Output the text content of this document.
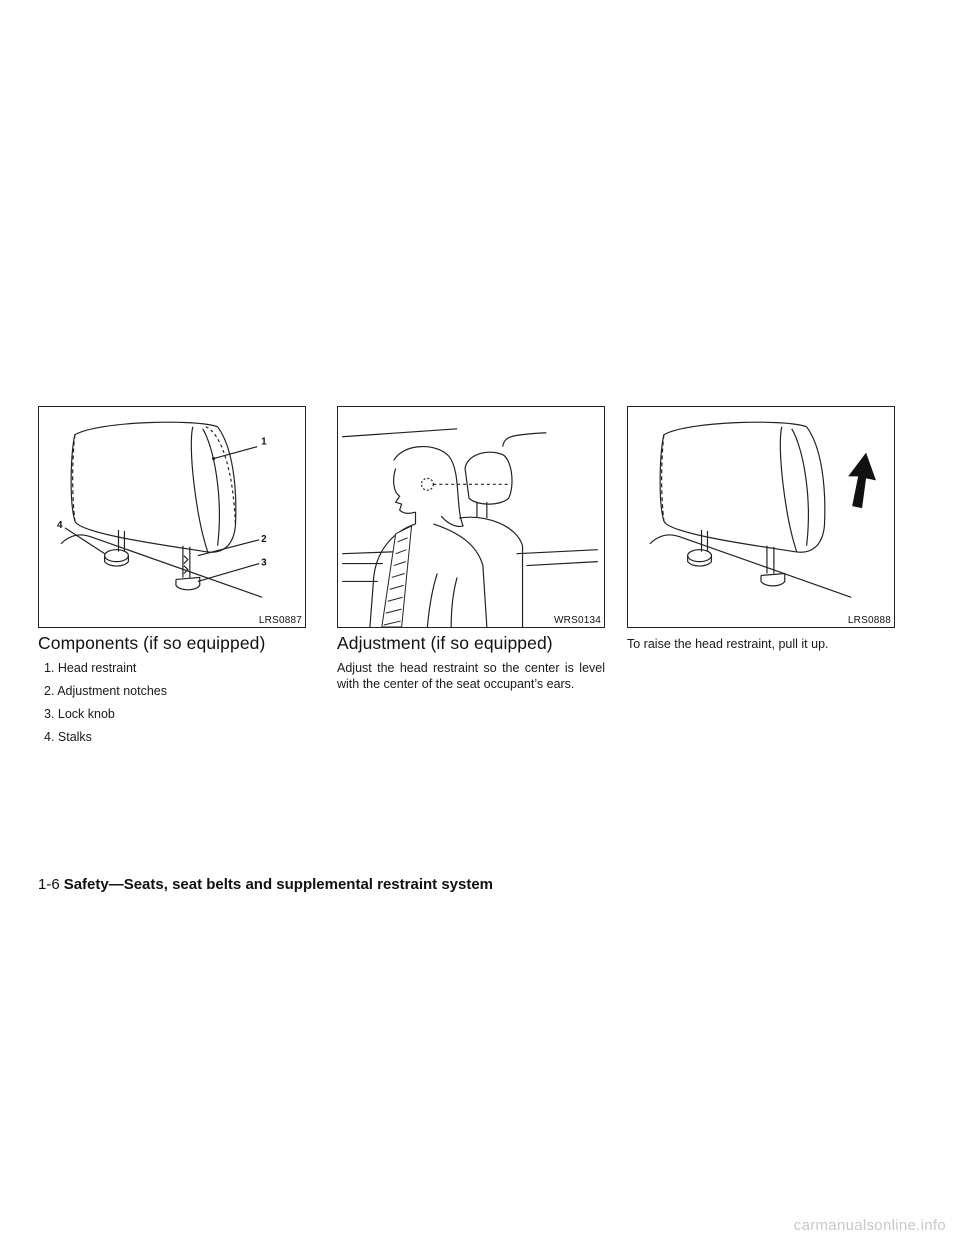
1
4
2
3
LRS0887	WRS0134	LRS0888
Components (if so equipped)
1. Head restraint
2. Adjustment notches
3. Lock knob
4. Stalks
Adjustment (if so equipped)

Adjust the head restraint so the center is level with the center of the seat occupant’s ears.

To raise the head restraint, pull it up.

1-6 Safety—Seats, seat belts and supplemental restraint system
carmanualsonline.info
